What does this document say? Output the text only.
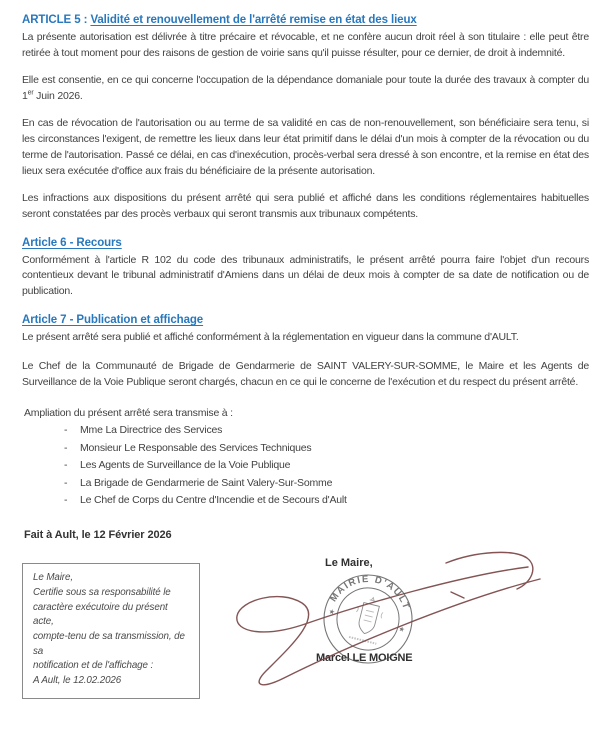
ARTICLE 5 : Validité et renouvellement de l'arrêté remise en état des lieux

La présente autorisation est délivrée à titre précaire et révocable, et ne confère aucun droit réel à son titulaire : elle peut être retirée à tout moment pour des raisons de gestion de voirie sans qu'il puisse résulter, pour ce dernier, de droit à indemnité.

Elle est consentie, en ce qui concerne l'occupation de la dépendance domaniale pour toute la durée des travaux à compter du 1er Juin 2026.

En cas de révocation de l'autorisation ou au terme de sa validité en cas de non-renouvellement, son bénéficiaire sera tenu, si les circonstances l'exigent, de remettre les lieux dans leur état primitif dans le délai d'un mois à compter de la révocation ou du terme de l'autorisation. Passé ce délai, en cas d'inexécution, procès-verbal sera dressé à son encontre, et la remise en état des lieux sera exécutée d'office aux frais du bénéficiaire de la présente autorisation.

Les infractions aux dispositions du présent arrêté qui sera publié et affiché dans les conditions réglementaires habituelles seront constatées par des procès verbaux qui seront transmis aux tribunaux compétents.

Article 6 - Recours

Conformément à l'article R 102 du code des tribunaux administratifs, le présent arrêté pourra faire l'objet d'un recours contentieux devant le tribunal administratif d'Amiens dans un délai de deux mois à compter de sa date de notification ou de publication.

Article 7 - Publication et affichage

Le présent arrêté sera publié et affiché conformément à la réglementation en vigueur dans la commune d'AULT.

Le Chef de la Communauté de Brigade de Gendarmerie de SAINT VALERY-SUR-SOMME, le Maire et les Agents de Surveillance de la Voie Publique seront chargés, chacun en ce qui le concerne de l'exécution et du respect du présent arrêté.

Ampliation du présent arrêté sera transmise à :
- Mme La Directrice des Services
- Monsieur Le Responsable des Services Techniques
- Les Agents de Surveillance de la Voie Publique
- La Brigade de Gendarmerie de Saint Valery-Sur-Somme
- Le Chef de Corps du Centre d'Incendie et de Secours d'Ault
Fait à Ault, le 12 Février 2026
Le Maire,
Certifie sous sa responsabilité le
caractère exécutoire du présent acte,
compte-tenu de sa transmission, de sa
notification et de l'affichage :
A Ault, le 12.02.2026
Le Maire,
MAIRIE D'AULT
★
★
Marcel LE MOIGNE
